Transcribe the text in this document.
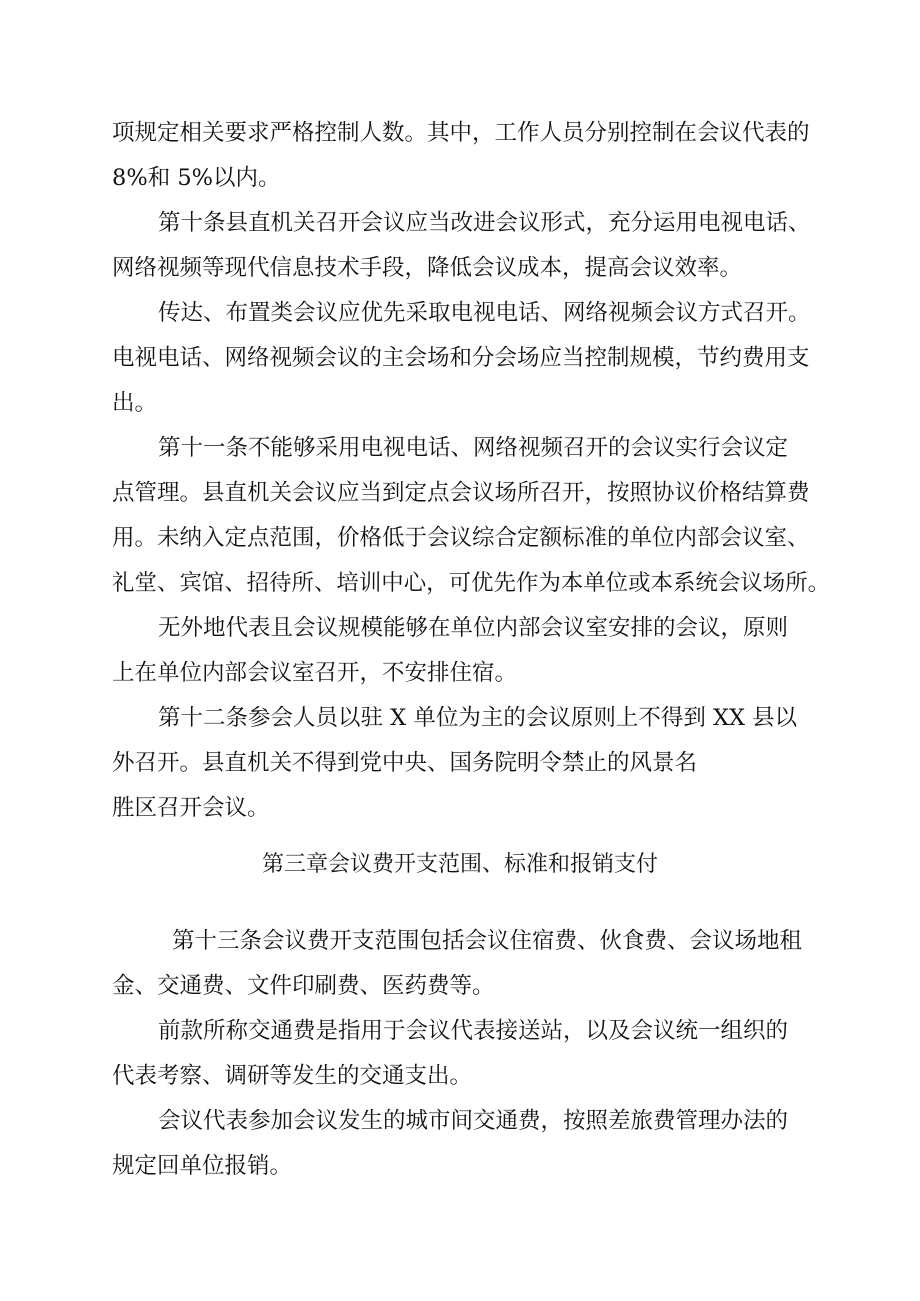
项规定相关要求严格控制人数。其中，工作人员分别控制在会议代表的
8%和 5%以内。
第十条县直机关召开会议应当改进会议形式，充分运用电视电话、
网络视频等现代信息技术手段，降低会议成本，提高会议效率。
传达、布置类会议应优先采取电视电话、网络视频会议方式召开。
电视电话、网络视频会议的主会场和分会场应当控制规模，节约费用支
出。
第十一条不能够采用电视电话、网络视频召开的会议实行会议定
点管理。县直机关会议应当到定点会议场所召开，按照协议价格结算费
用。未纳入定点范围，价格低于会议综合定额标准的单位内部会议室、
礼堂、宾馆、招待所、培训中心，可优先作为本单位或本系统会议场所。
无外地代表且会议规模能够在单位内部会议室安排的会议，原则
上在单位内部会议室召开，不安排住宿。
第十二条参会人员以驻 X 单位为主的会议原则上不得到 XX 县以
外召开。县直机关不得到党中央、国务院明令禁止的风景名
胜区召开会议。
第三章会议费开支范围、标准和报销支付
第十三条会议费开支范围包括会议住宿费、伙食费、会议场地租
金、交通费、文件印刷费、医药费等。
前款所称交通费是指用于会议代表接送站，以及会议统一组织的
代表考察、调研等发生的交通支出。
会议代表参加会议发生的城市间交通费，按照差旅费管理办法的
规定回单位报销。
